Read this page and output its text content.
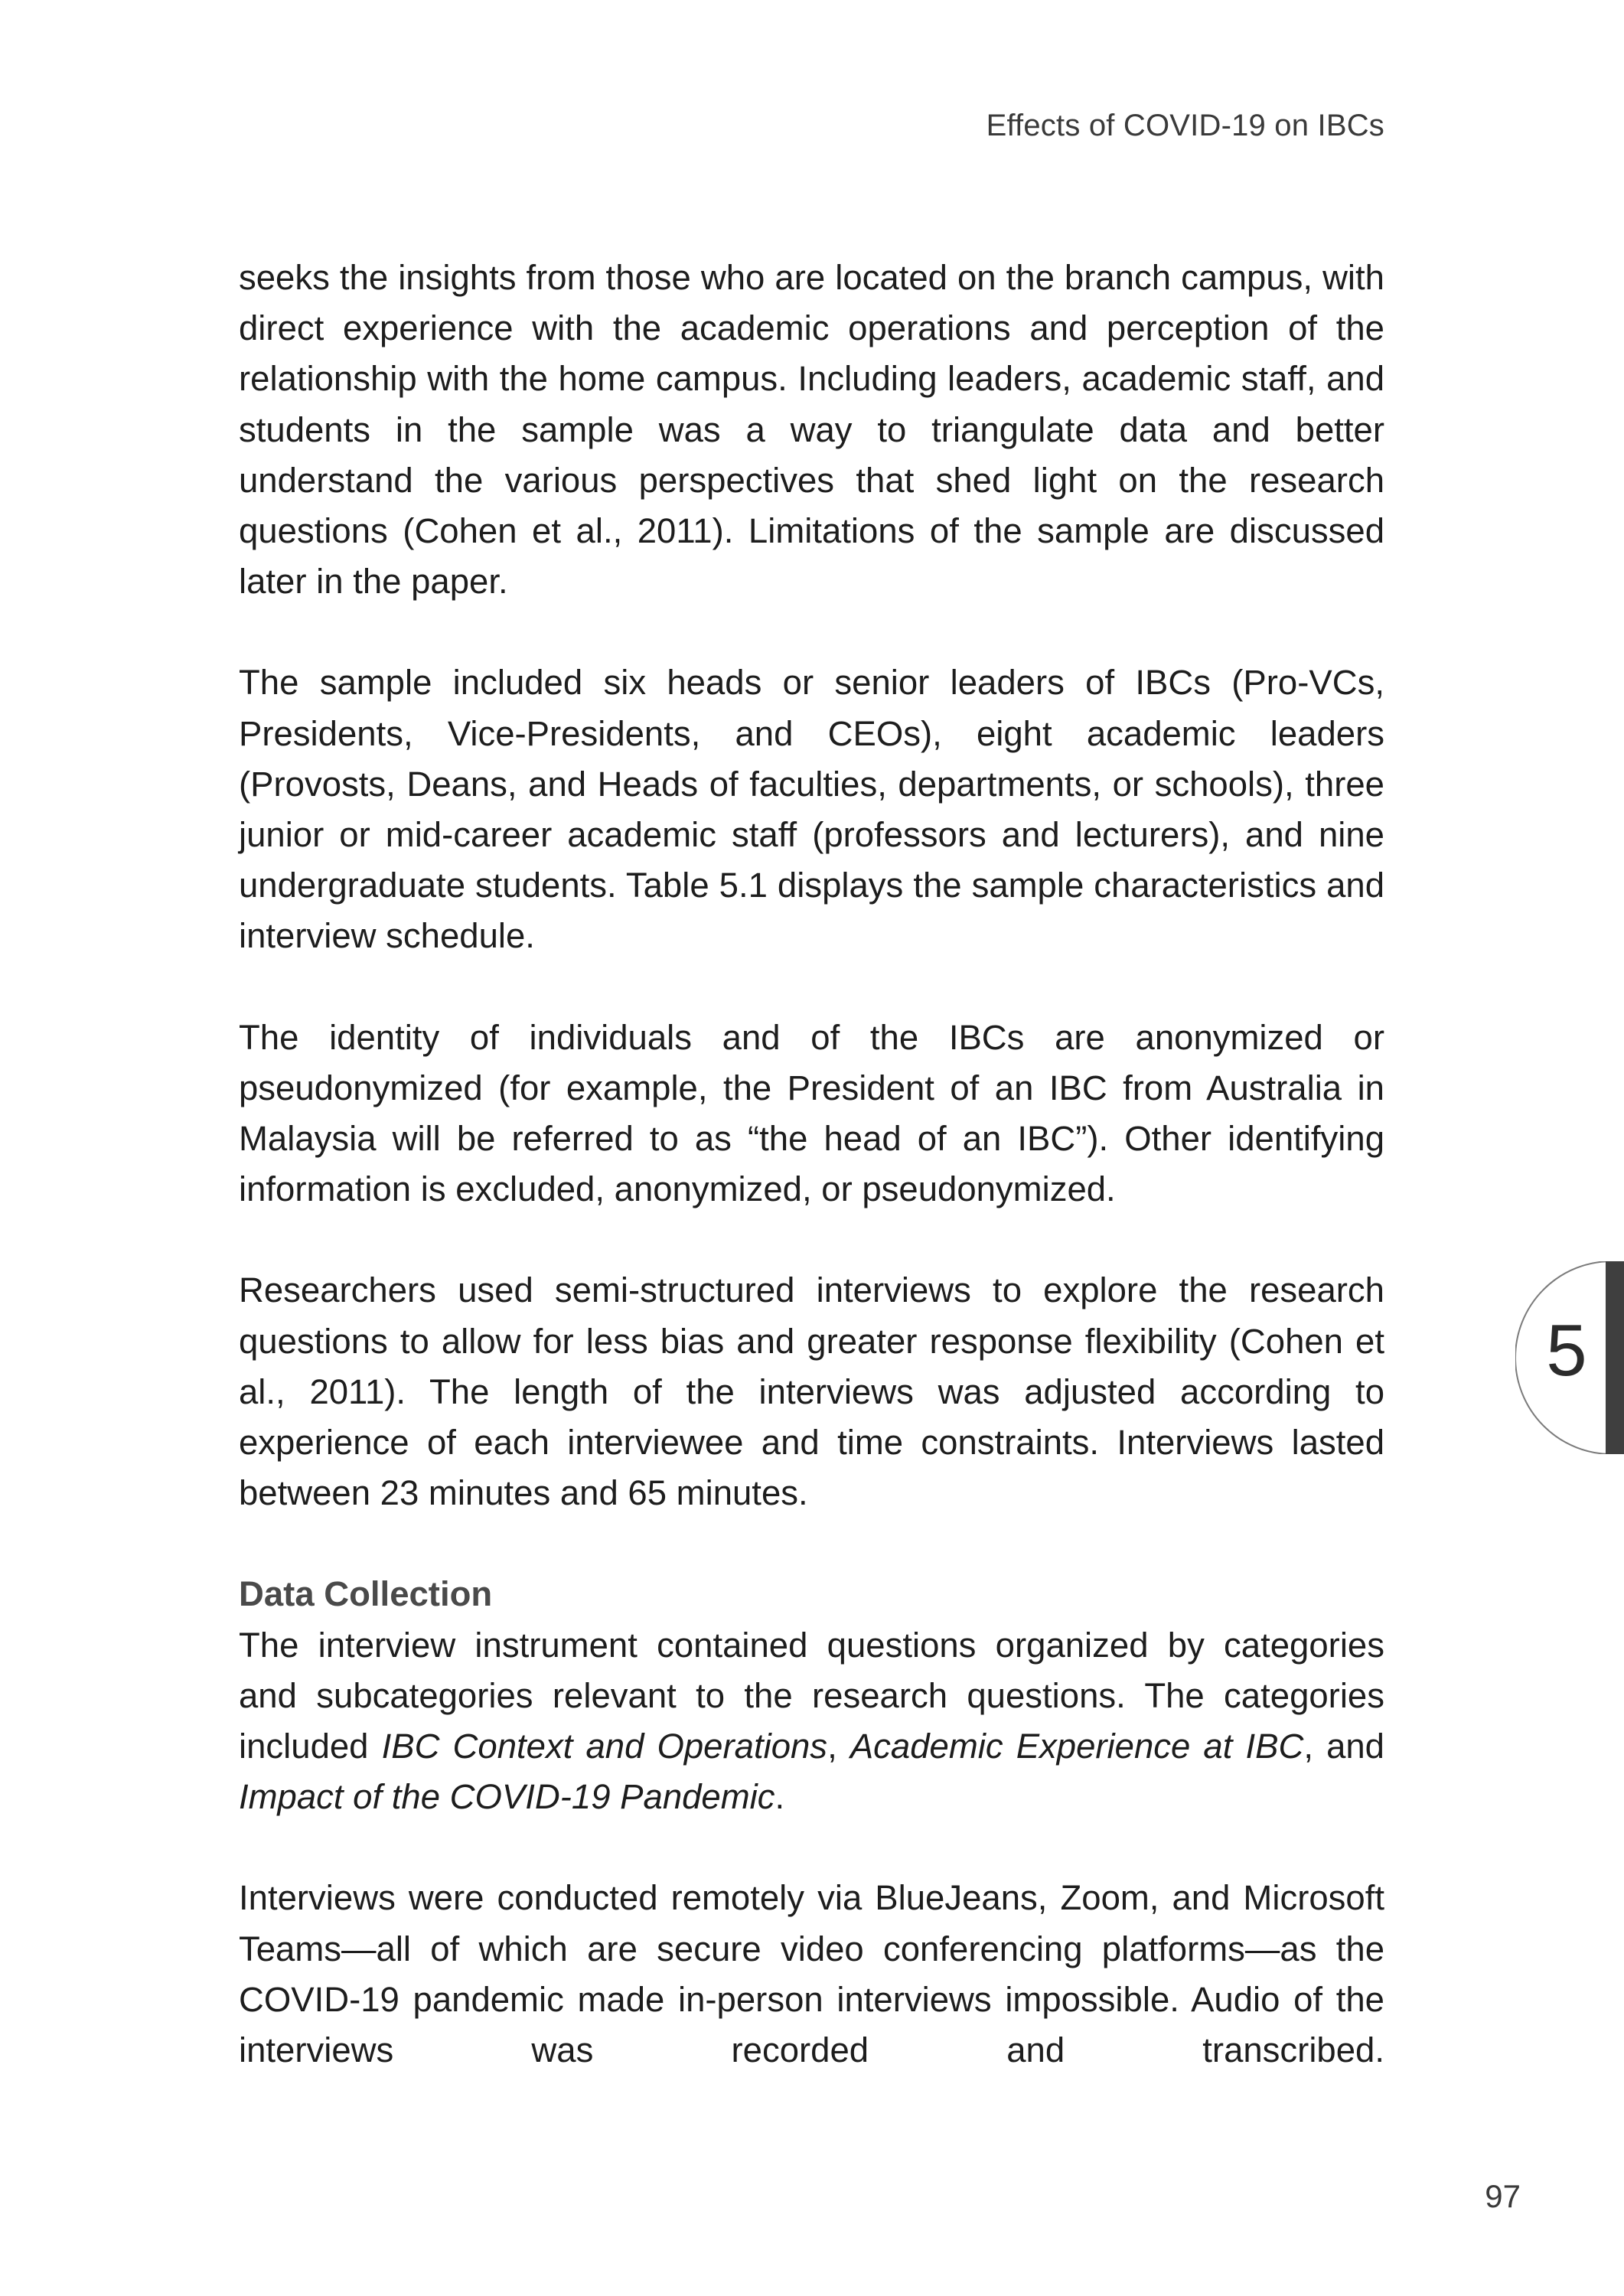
Effects of COVID-19 on IBCs

seeks the insights from those who are located on the branch campus, with direct experience with the academic operations and perception of the relationship with the home campus. Including leaders, academic staff, and students in the sample was a way to triangulate data and better understand the various perspectives that shed light on the research questions (Cohen et al., 2011). Limitations of the sample are discussed later in the paper.

The sample included six heads or senior leaders of IBCs (Pro-VCs, Presidents, Vice-Presidents, and CEOs), eight academic leaders (Provosts, Deans, and Heads of faculties, departments, or schools), three junior or mid-career academic staff (professors and lecturers), and nine undergraduate students. Table 5.1 displays the sample characteristics and interview schedule.

The identity of individuals and of the IBCs are anonymized or pseudonymized (for example, the President of an IBC from Australia in Malaysia will be referred to as “the head of an IBC”). Other identifying information is excluded, anonymized, or pseudonymized.

Researchers used semi-structured interviews to explore the research questions to allow for less bias and greater response flexibility (Cohen et al., 2011). The length of the interviews was adjusted according to experience of each interviewee and time constraints. Interviews lasted between 23 minutes and 65 minutes.

Data Collection

The interview instrument contained questions organized by categories and subcategories relevant to the research questions. The categories included IBC Context and Operations, Academic Experience at IBC, and Impact of the COVID-19 Pandemic.

Interviews were conducted remotely via BlueJeans, Zoom, and Microsoft Teams—all of which are secure video conferencing platforms—as the COVID-19 pandemic made in-person interviews impossible. Audio of the interviews was recorded and transcribed.

5
97
